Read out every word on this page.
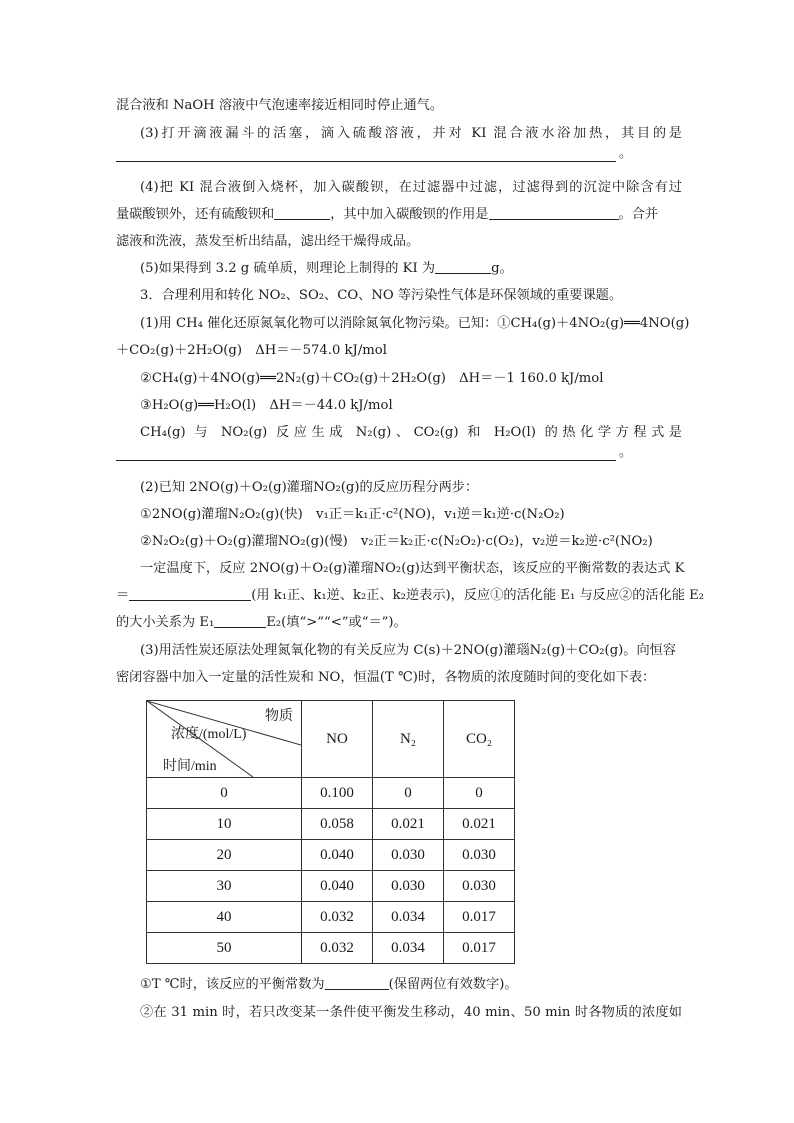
混合液和 NaOH 溶液中气泡速率接近相同时停止通气。
(3)打开滴液漏斗的活塞，滴入硫酸溶液，并对 KI 混合液水浴加热，其目的是
。
(4)把 KI 混合液倒入烧杯，加入碳酸钡，在过滤器中过滤，过滤得到的沉淀中除含有过
量碳酸钡外，还有硫酸钡和	，其中加入碳酸钡的作用是	。合并
滤液和洗液，蒸发至析出结晶，滤出经干燥得成品。
(5)如果得到 3.2 g 硫单质，则理论上制得的 KI 为	g。
3．合理利用和转化 NO₂、SO₂、CO、NO 等污染性气体是环保领域的重要课题。
(1)用 CH₄ 催化还原氮氧化物可以消除氮氧化物污染。已知：①CH₄(g)＋4NO₂(g)══4NO(g)
＋CO₂(g)＋2H₂O(g)　ΔH＝－574.0 kJ/mol
②CH₄(g)＋4NO(g)══2N₂(g)＋CO₂(g)＋2H₂O(g)　ΔH＝－1 160.0 kJ/mol
③H₂O(g)══H₂O(l)　ΔH＝－44.0 kJ/mol
CH₄(g) 与 NO₂(g) 反应生成 N₂(g)、CO₂(g) 和 H₂O(l) 的热化学方程式是
。
(2)已知 2NO(g)＋O₂(g)灌瑠NO₂(g)的反应历程分两步：
①2NO(g)灌瑠N₂O₂(g)(快)　v₁正＝k₁正·c²(NO)，v₁逆＝k₁逆·c(N₂O₂)
②N₂O₂(g)＋O₂(g)灌瑠NO₂(g)(慢)　v₂正＝k₂正·c(N₂O₂)·c(O₂)，v₂逆＝k₂逆·c²(NO₂)
一定温度下，反应 2NO(g)＋O₂(g)灌瑠NO₂(g)达到平衡状态，该反应的平衡常数的表达式 K
＝	(用 k₁正、k₁逆、k₂正、k₂逆表示)，反应①的活化能 E₁ 与反应②的活化能 E₂
的大小关系为 E₁	E₂(填“>”“<”或“＝”)。
(3)用活性炭还原法处理氮氧化物的有关反应为 C(s)＋2NO(g)灌瑙N₂(g)＋CO₂(g)。向恒容
密闭容器中加入一定量的活性炭和 NO，恒温(T ℃)时，各物质的浓度随时间的变化如下表：
物质
浓度/(mol/L)
时间/min	NO	N₂	CO₂
0	0.100	0	0
10	0.058	0.021	0.021
20	0.040	0.030	0.030
30	0.040	0.030	0.030
40	0.032	0.034	0.017
50	0.032	0.034	0.017
①T ℃时，该反应的平衡常数为	(保留两位有效数字)。
②在 31 min 时，若只改变某一条件使平衡发生移动，40 min、50 min 时各物质的浓度如
